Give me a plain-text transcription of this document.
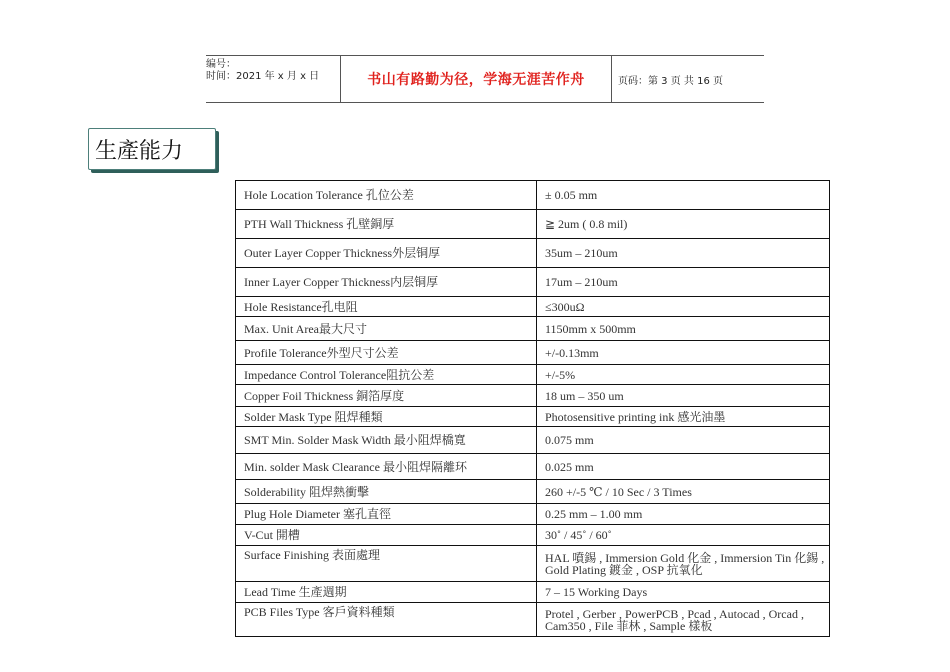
编号：
时间：2021 年 x 月 x 日	书山有路勤为径，学海无涯苦作舟	页码：第 3 页 共 16 页
生產能力
Hole Location Tolerance 孔位公差	± 0.05 mm
PTH Wall Thickness 孔壁銅厚	≧ 2um ( 0.8 mil)
Outer Layer Copper Thickness外层铜厚	35um – 210um
Inner Layer Copper Thickness内层铜厚	17um – 210um
Hole Resistance孔电阻	≤300uΩ
Max. Unit Area最大尺寸	1150mm x 500mm
Profile Tolerance外型尺寸公差	+/-0.13mm
Impedance Control Tolerance阻抗公差	+/-5%
Copper Foil Thickness 銅箔厚度	18 um – 350 um
Solder Mask Type 阻焊種類	Photosensitive printing ink 感光油墨
SMT Min. Solder Mask Width 最小阻焊橋寬	0.075 mm
Min. solder Mask Clearance 最小阻焊隔離环	0.025 mm
Solderability 阻焊熱衝擊	260 +/-5 ℃ / 10 Sec / 3 Times
Plug Hole Diameter 塞孔直徑	0.25 mm – 1.00 mm
V-Cut 開槽	30˚ / 45˚ / 60˚
Surface Finishing 表面處理	HAL 噴錫 , Immersion Gold 化金 , Immersion Tin 化錫 , Gold Plating 鍍金 , OSP 抗氧化
Lead Time 生產週期	7 – 15 Working Days
PCB Files Type 客戶資料種類	Protel , Gerber , PowerPCB , Pcad , Autocad , Orcad , Cam350 , File 菲林 , Sample 樣板
